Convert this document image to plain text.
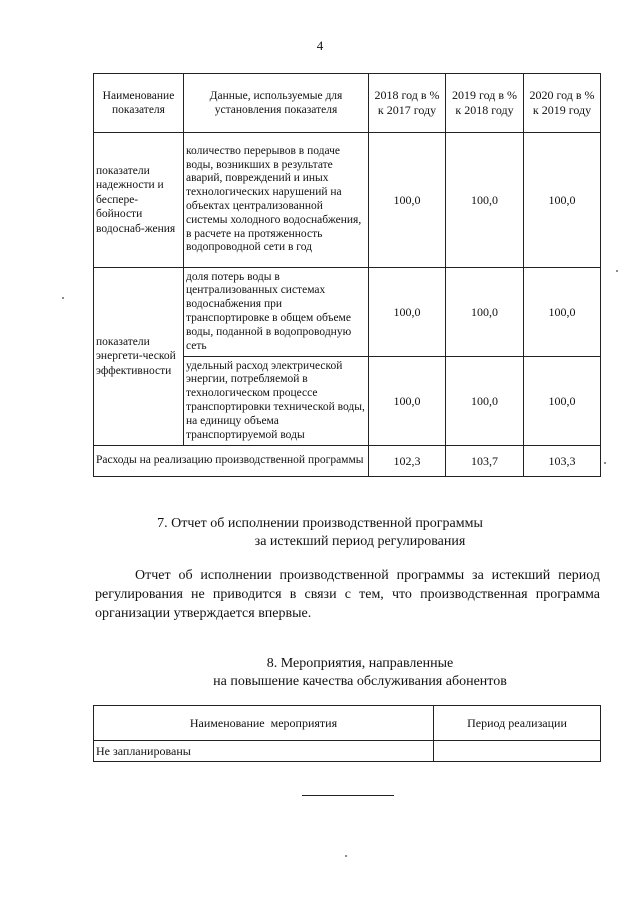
4
Наименование показателя	Данные, используемые для установления показателя	2018 год в % к 2017 году	2019 год в % к 2018 году	2020 год в % к 2019 году
показатели надежности и беспере-бойности водоснаб-жения	количество перерывов в подаче воды, возникших в результате аварий, повреждений и иных технологических нарушений на объектах централизованной системы холодного водоснабжения, в расчете на протяженность водопроводной сети в год	100,0	100,0	100,0
показатели энергети-ческой эффективности	доля потерь воды в централизованных системах водоснабжения при транспортировке в общем объеме воды, поданной в водопроводную сеть	100,0	100,0	100,0
	удельный расход электрической энергии, потребляемой в технологическом процессе транспортировки технической воды, на единицу объема транспортируемой воды	100,0	100,0	100,0
Расходы на реализацию производственной программы		102,3	103,7	103,3
7. Отчет об исполнении производственной программы
за истекший период регулирования
Отчет об исполнении производственной программы за истекший период регулирования не приводится в связи с тем, что производственная программа организации утверждается впервые.
8. Мероприятия, направленные
на повышение качества обслуживания абонентов
Наименование  мероприятия	Период реализации
Не запланированы	
